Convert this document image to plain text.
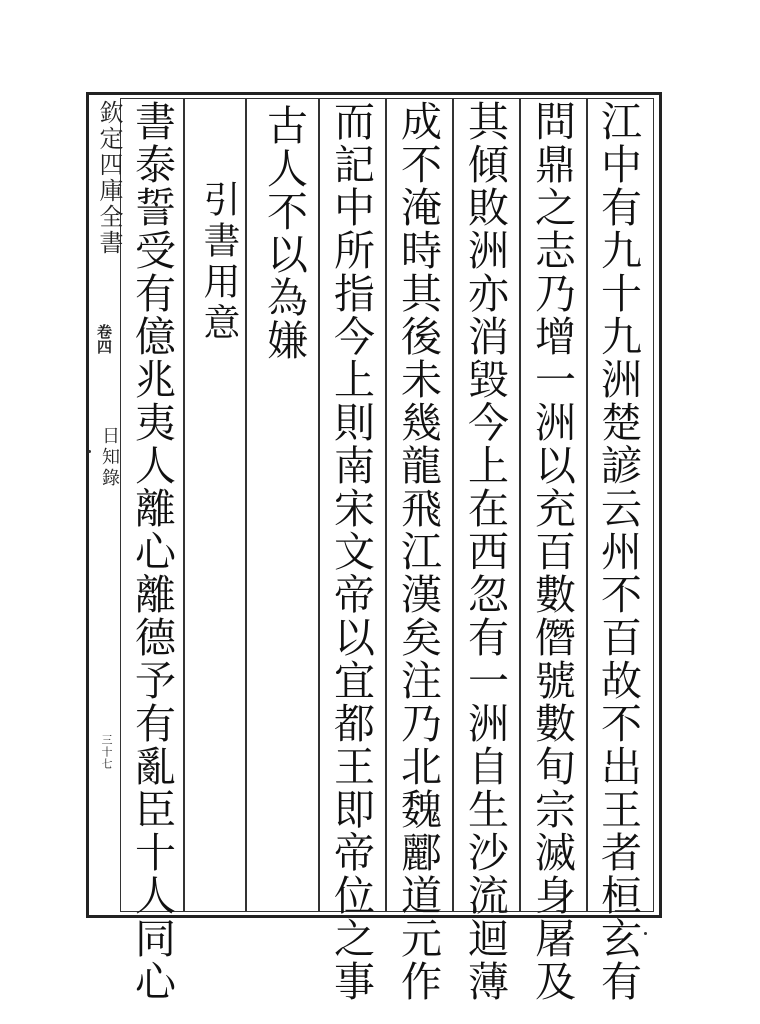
欽定四庫全書
卷四
日知錄
三十七	江中有九十九洲楚諺云州不百故不出王者桓玄有
問鼎之志乃增一洲以充百數僭號數旬宗滅身屠及
其傾敗洲亦消毀今上在西忽有一洲自生沙流迴薄
成不淹時其後未幾龍飛江漢矣注乃北魏酈道元作
而記中所指今上則南宋文帝以宜都王即帝位之事
古人不以為嫌
引書用意
書泰誓受有億兆夷人離心離德予有亂臣十人同心
